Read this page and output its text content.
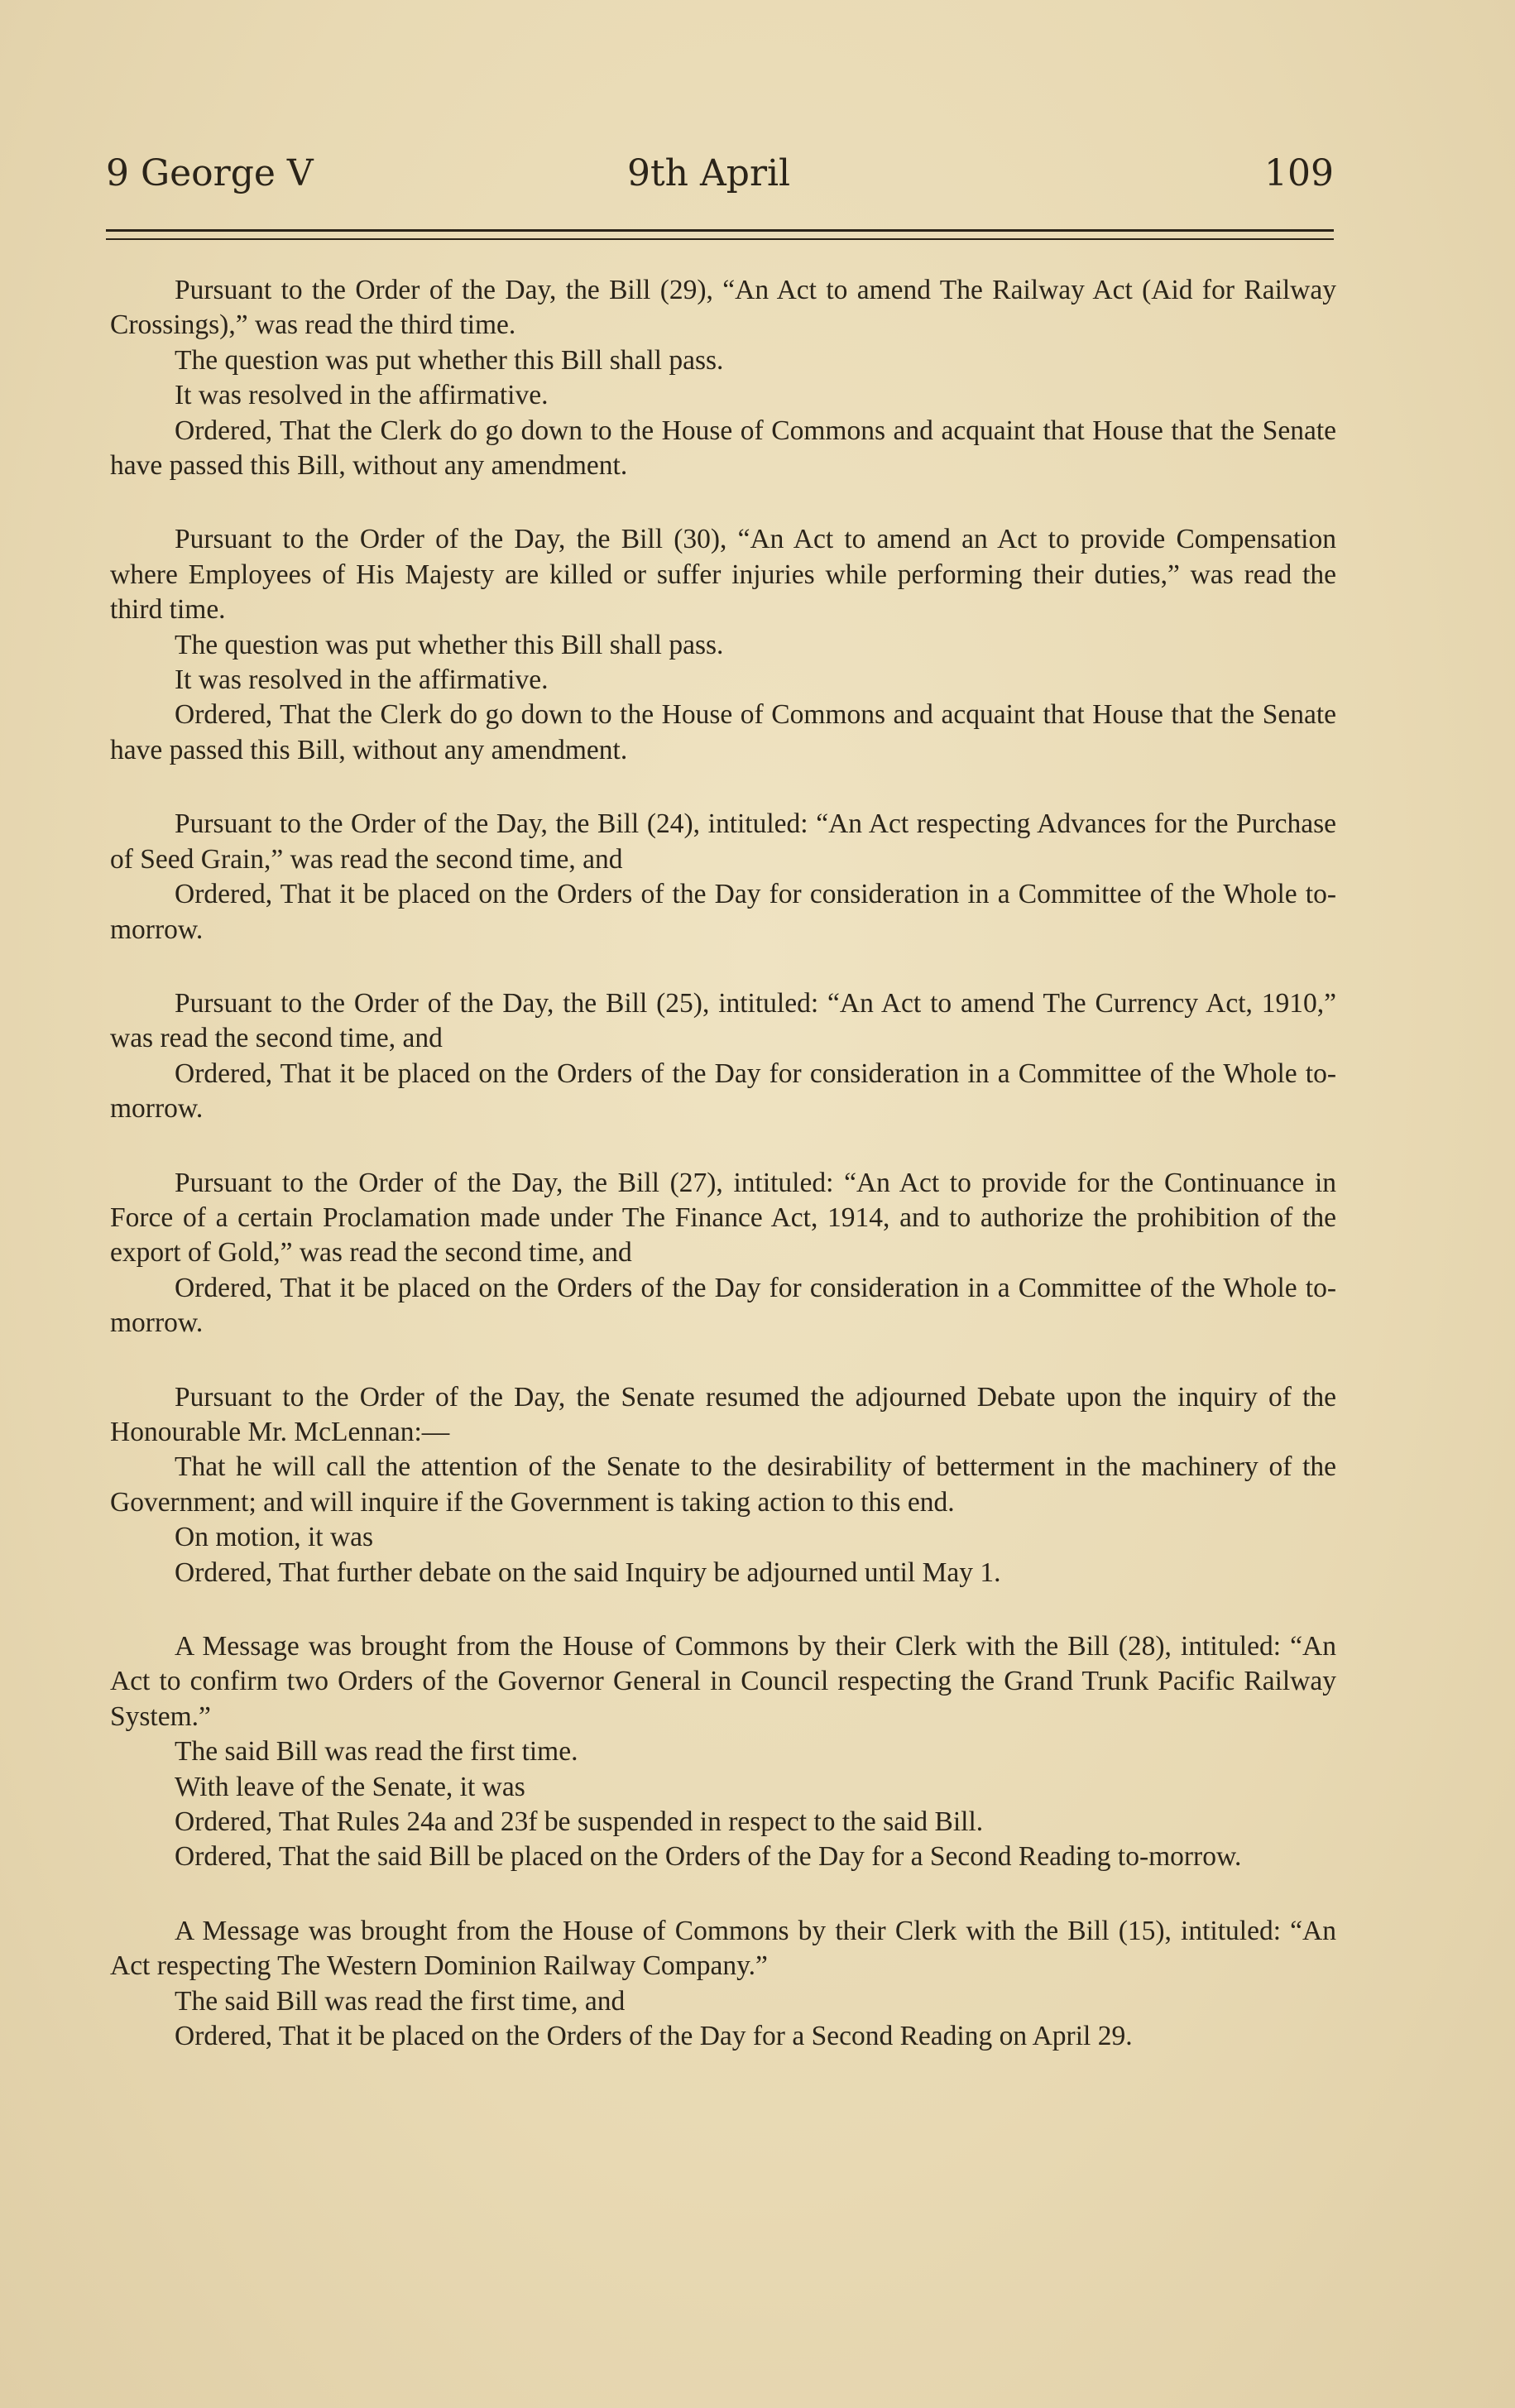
9 George V	9th April	109

Pursuant to the Order of the Day, the Bill (29), “An Act to amend The Railway Act (Aid for Railway Crossings),” was read the third time.

The question was put whether this Bill shall pass.

It was resolved in the affirmative.

Ordered, That the Clerk do go down to the House of Commons and acquaint that House that the Senate have passed this Bill, without any amendment.

Pursuant to the Order of the Day, the Bill (30), “An Act to amend an Act to provide Compensation where Employees of His Majesty are killed or suffer injuries while performing their duties,” was read the third time.

The question was put whether this Bill shall pass.

It was resolved in the affirmative.

Ordered, That the Clerk do go down to the House of Commons and acquaint that House that the Senate have passed this Bill, without any amendment.

Pursuant to the Order of the Day, the Bill (24), intituled: “An Act respecting Advances for the Purchase of Seed Grain,” was read the second time, and

Ordered, That it be placed on the Orders of the Day for consideration in a Committee of the Whole to-morrow.

Pursuant to the Order of the Day, the Bill (25), intituled: “An Act to amend The Currency Act, 1910,” was read the second time, and

Ordered, That it be placed on the Orders of the Day for consideration in a Committee of the Whole to-morrow.

Pursuant to the Order of the Day, the Bill (27), intituled: “An Act to provide for the Continuance in Force of a certain Proclamation made under The Finance Act, 1914, and to authorize the prohibition of the export of Gold,” was read the second time, and

Ordered, That it be placed on the Orders of the Day for consideration in a Committee of the Whole to-morrow.

Pursuant to the Order of the Day, the Senate resumed the adjourned Debate upon the inquiry of the Honourable Mr. McLennan:—

That he will call the attention of the Senate to the desirability of betterment in the machinery of the Government; and will inquire if the Government is taking action to this end.

On motion, it was

Ordered, That further debate on the said Inquiry be adjourned until May 1.

A Message was brought from the House of Commons by their Clerk with the Bill (28), intituled: “An Act to confirm two Orders of the Governor General in Council respecting the Grand Trunk Pacific Railway System.”

The said Bill was read the first time.

With leave of the Senate, it was

Ordered, That Rules 24a and 23f be suspended in respect to the said Bill.

Ordered, That the said Bill be placed on the Orders of the Day for a Second Reading to-morrow.

A Message was brought from the House of Commons by their Clerk with the Bill (15), intituled: “An Act respecting The Western Dominion Railway Company.”

The said Bill was read the first time, and

Ordered, That it be placed on the Orders of the Day for a Second Reading on April 29.
